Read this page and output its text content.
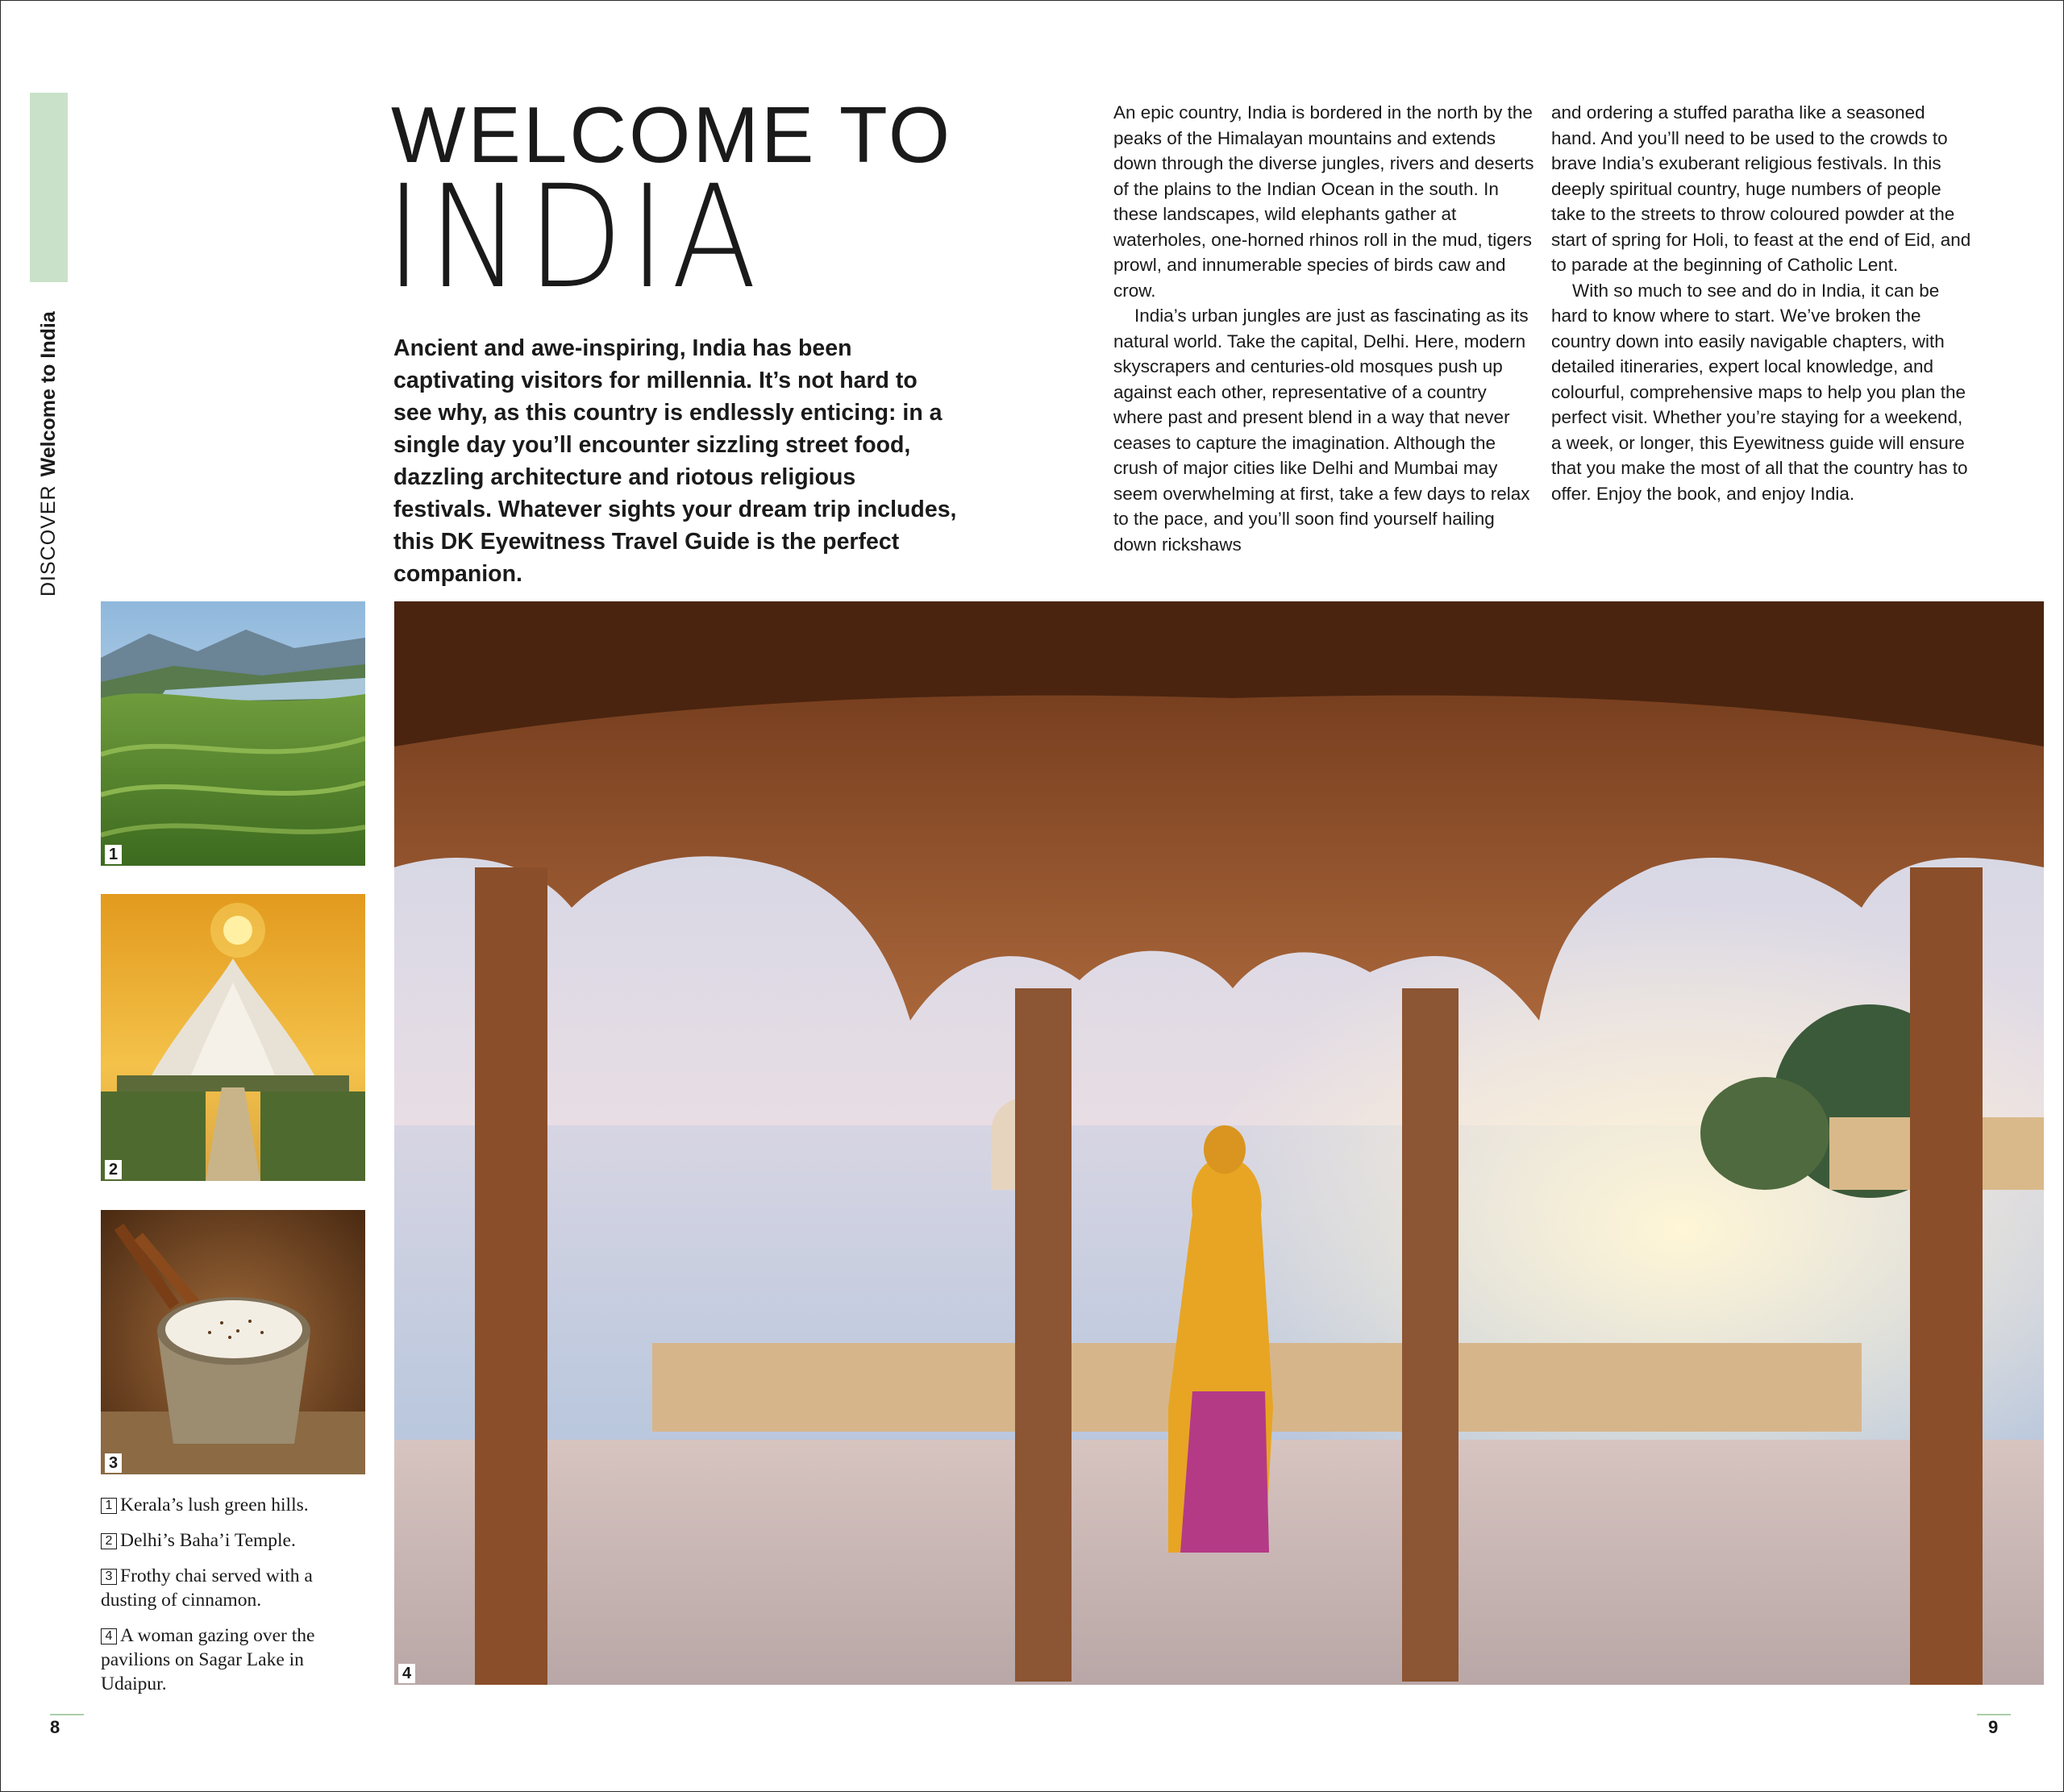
DISCOVERWelcome to India
WELCOME TO
INDIA

Ancient and awe-inspiring, India has been captivating visitors for millennia. It’s not hard to see why, as this country is endlessly enticing: in a single day you’ll encounter sizzling street food, dazzling architecture and riotous religious festivals. Whatever sights your dream trip includes, this DK Eyewitness Travel Guide is the perfect companion.

An epic country, India is bordered in the north by the peaks of the Himalayan mountains and extends down through the diverse jungles, rivers and deserts of the plains to the Indian Ocean in the south. In these landscapes, wild elephants gather at waterholes, one-horned rhinos roll in the mud, tigers prowl, and innumerable species of birds caw and crow.

India’s urban jungles are just as fascinating as its natural world. Take the capital, Delhi. Here, modern skyscrapers and centuries-old mosques push up against each other, representative of a country where past and present blend in a way that never ceases to capture the imagination. Although the crush of major cities like Delhi and Mumbai may seem overwhelming at first, take a few days to relax to the pace, and you’ll soon find yourself hailing down rickshaws

and ordering a stuffed paratha like a seasoned hand. And you’ll need to be used to the crowds to brave India’s exuberant religious festivals. In this deeply spiritual country, huge numbers of people take to the streets to throw coloured powder at the start of spring for Holi, to feast at the end of Eid, and to parade at the beginning of Catholic Lent.

With so much to see and do in India, it can be hard to know where to start. We’ve broken the country down into easily navigable chapters, with detailed itineraries, expert local knowledge, and colourful, comprehensive maps to help you plan the perfect visit. Whether you’re staying for a weekend, a week, or longer, this Eyewitness guide will ensure that you make the most of all that the country has to offer. Enjoy the book, and enjoy India.

1
2
3

1 Kerala’s lush green hills.

2 Delhi’s Baha’i Temple.

3 Frothy chai served with a dusting of cinnamon.

4 A woman gazing over the pavilions on Sagar Lake in Udaipur.	4
8	9
